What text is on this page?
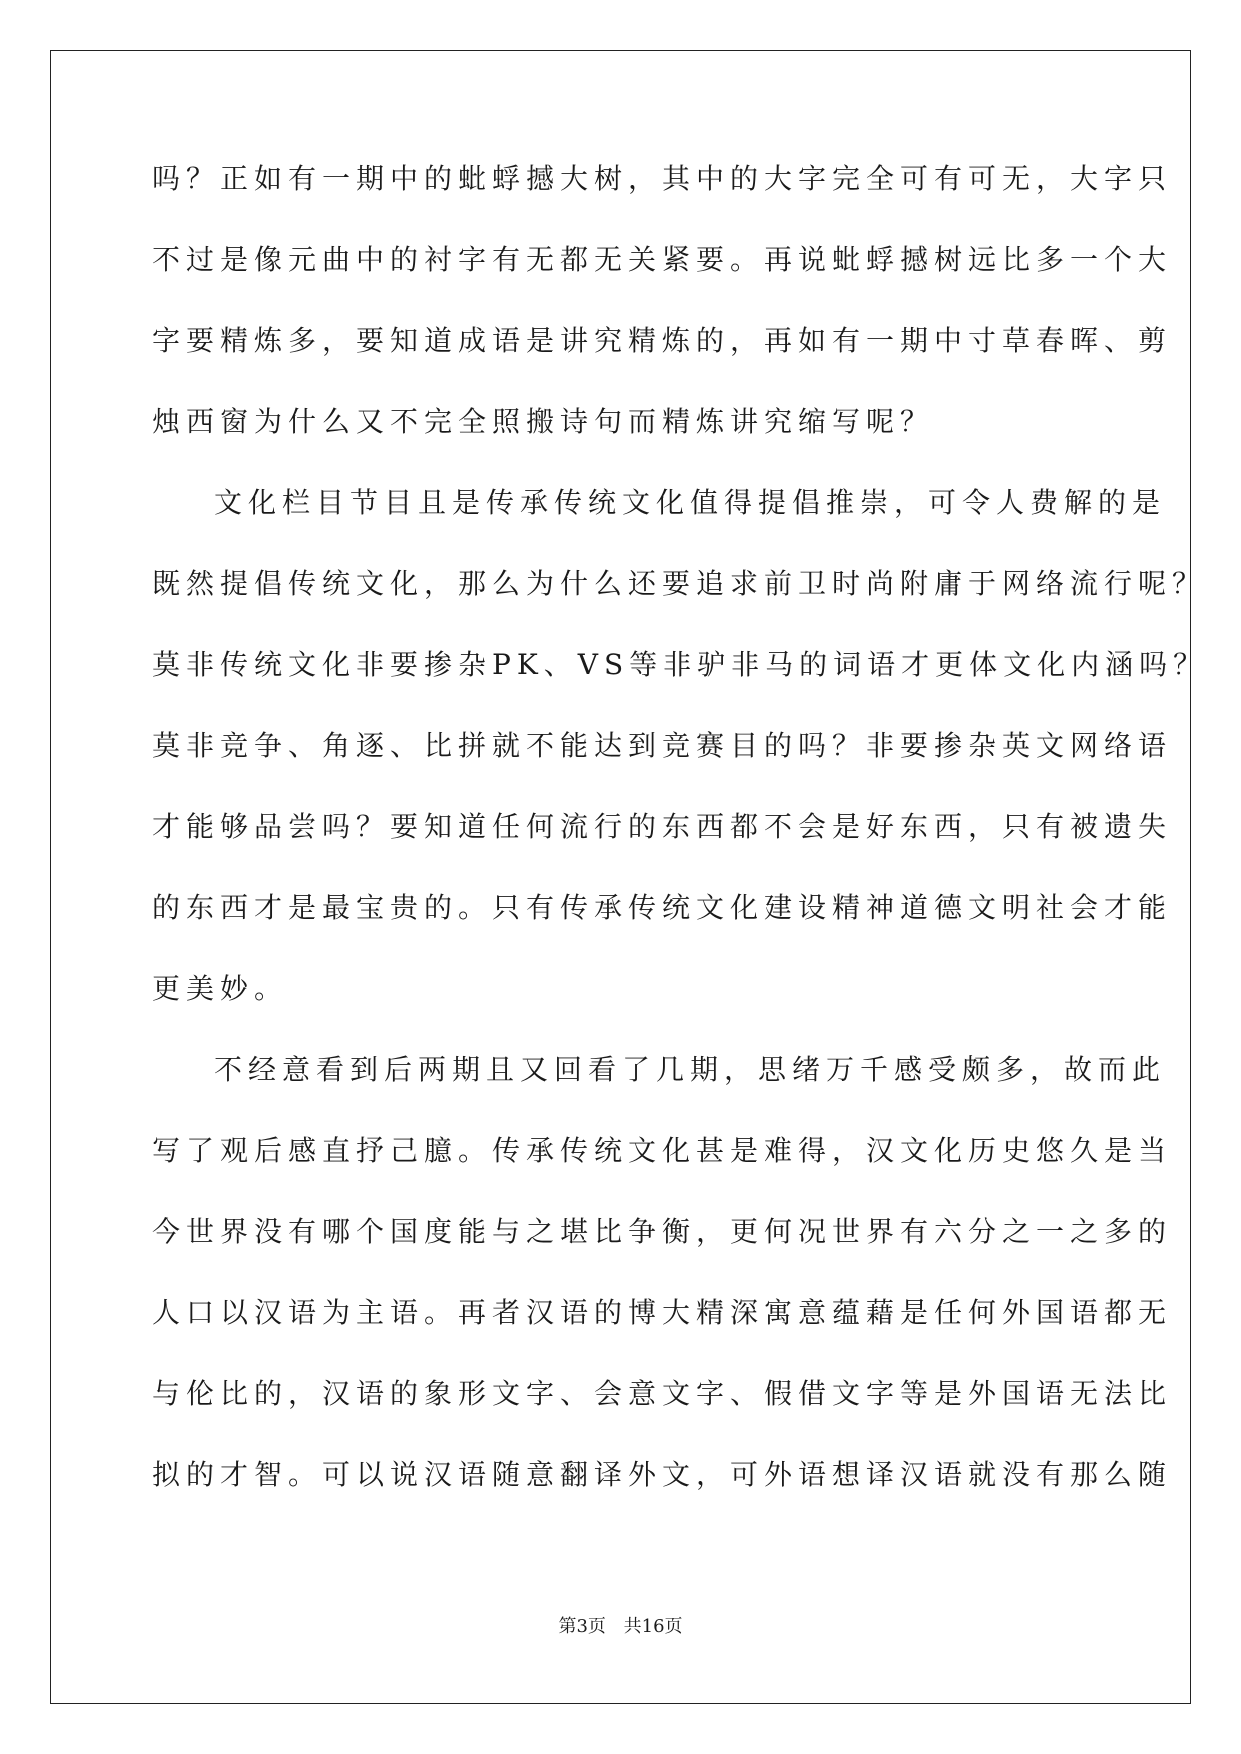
吗？正如有一期中的蚍蜉撼大树，其中的大字完全可有可无，大字只
不过是像元曲中的衬字有无都无关紧要。再说蚍蜉撼树远比多一个大
字要精炼多，要知道成语是讲究精炼的，再如有一期中寸草春晖、剪
烛西窗为什么又不完全照搬诗句而精炼讲究缩写呢？
文化栏目节目且是传承传统文化值得提倡推崇，可令人费解的是
既然提倡传统文化，那么为什么还要追求前卫时尚附庸于网络流行呢？
莫非传统文化非要掺杂PK、VS等非驴非马的词语才更体文化内涵吗？
莫非竞争、角逐、比拼就不能达到竞赛目的吗？非要掺杂英文网络语
才能够品尝吗？要知道任何流行的东西都不会是好东西，只有被遗失
的东西才是最宝贵的。只有传承传统文化建设精神道德文明社会才能
更美妙。
不经意看到后两期且又回看了几期，思绪万千感受颇多，故而此
写了观后感直抒己臆。传承传统文化甚是难得，汉文化历史悠久是当
今世界没有哪个国度能与之堪比争衡，更何况世界有六分之一之多的
人口以汉语为主语。再者汉语的博大精深寓意蕴藉是任何外国语都无
与伦比的，汉语的象形文字、会意文字、假借文字等是外国语无法比
拟的才智。可以说汉语随意翻译外文，可外语想译汉语就没有那么随
第3页 共16页
